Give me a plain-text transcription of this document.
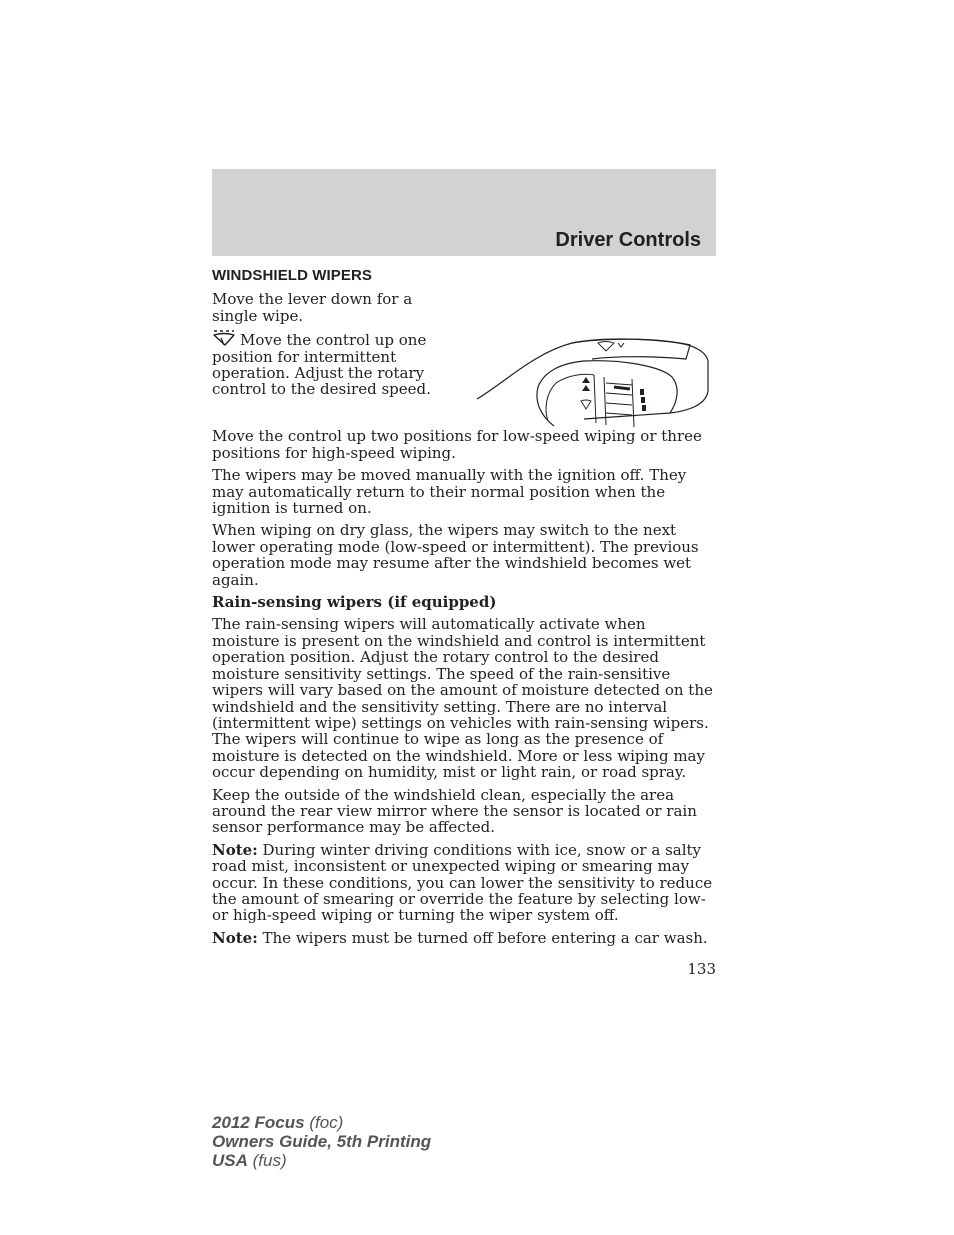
Driver Controls
WINDSHIELD WIPERS

Move the lever down for a single wipe.

Move the control up one position for intermittent operation. Adjust the rotary control to the desired speed.

Move the control up two positions for low-speed wiping or three positions for high-speed wiping.

The wipers may be moved manually with the ignition off. They may automatically return to their normal position when the ignition is turned on.

When wiping on dry glass, the wipers may switch to the next lower operating mode (low-speed or intermittent). The previous operation mode may resume after the windshield becomes wet again.

Rain-sensing wipers (if equipped)

The rain-sensing wipers will automatically activate when moisture is present on the windshield and control is intermittent operation position. Adjust the rotary control to the desired moisture sensitivity settings. The speed of the rain-sensitive wipers will vary based on the amount of moisture detected on the windshield and the sensitivity setting. There are no interval (intermittent wipe) settings on vehicles with rain-sensing wipers. The wipers will continue to wipe as long as the presence of moisture is detected on the windshield. More or less wiping may occur depending on humidity, mist or light rain, or road spray.

Keep the outside of the windshield clean, especially the area around the rear view mirror where the sensor is located or rain sensor performance may be affected.

Note: During winter driving conditions with ice, snow or a salty road mist, inconsistent or unexpected wiping or smearing may occur. In these conditions, you can lower the sensitivity to reduce the amount of smearing or override the feature by selecting low- or high-speed wiping or turning the wiper system off.

Note: The wipers must be turned off before entering a car wash.

133
2012 Focus (foc)
Owners Guide, 5th Printing
USA (fus)
